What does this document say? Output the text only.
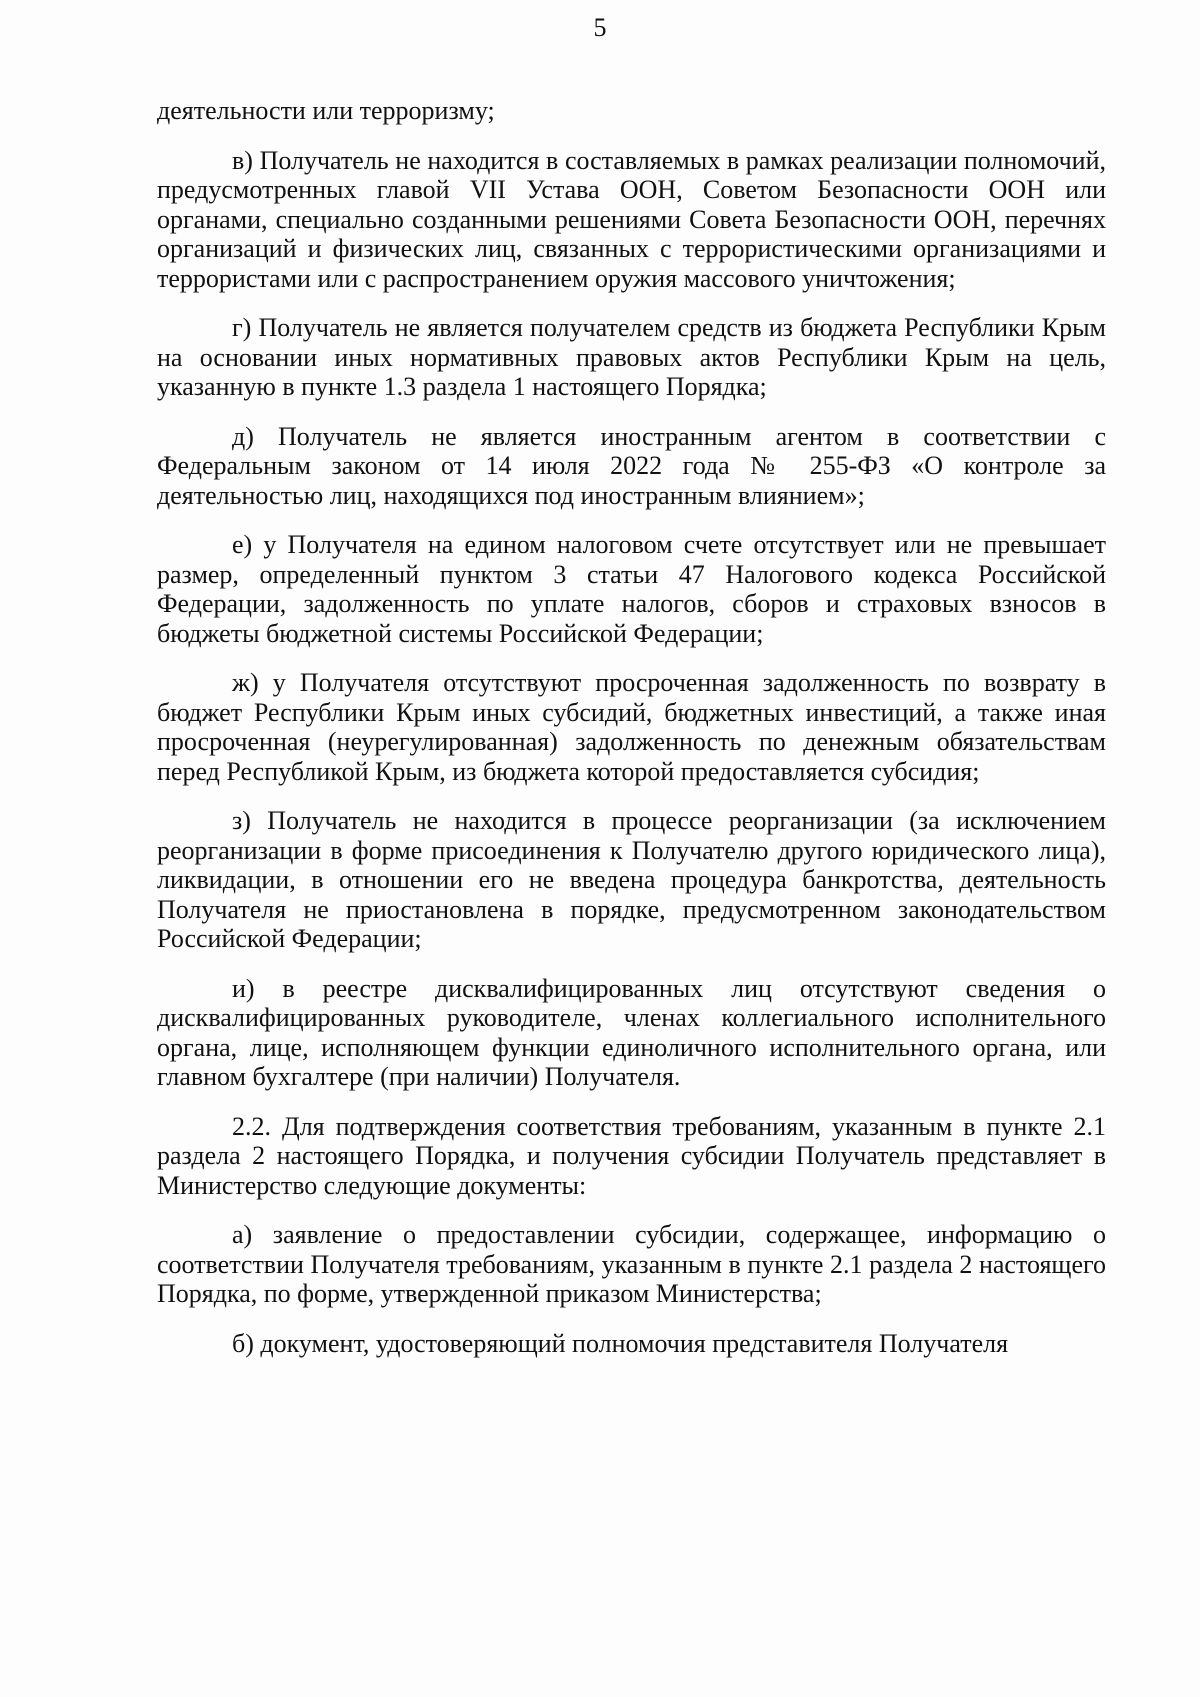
5

деятельности или терроризму;

в) Получатель не находится в составляемых в рамках реализации полномочий, предусмотренных главой VII Устава ООН, Советом Безопасности ООН или органами, специально созданными решениями Совета Безопасности ООН, перечнях организаций и физических лиц, связанных с террористическими организациями и террористами или с распространением оружия массового уничтожения;

г) Получатель не является получателем средств из бюджета Республики Крым на основании иных нормативных правовых актов Республики Крым на цель, указанную в пункте 1.3 раздела 1 настоящего Порядка;

д) Получатель не является иностранным агентом в соответствии с Федеральным законом от 14 июля 2022 года № 255-ФЗ «О контроле за деятельностью лиц, находящихся под иностранным влиянием»;

е) у Получателя на едином налоговом счете отсутствует или не превышает размер, определенный пунктом 3 статьи 47 Налогового кодекса Российской Федерации, задолженность по уплате налогов, сборов и страховых взносов в бюджеты бюджетной системы Российской Федерации;

ж) у Получателя отсутствуют просроченная задолженность по возврату в бюджет Республики Крым иных субсидий, бюджетных инвестиций, а также иная просроченная (неурегулированная) задолженность по денежным обязательствам перед Республикой Крым, из бюджета которой предоставляется субсидия;

з) Получатель не находится в процессе реорганизации (за исключением реорганизации в форме присоединения к Получателю другого юридического лица), ликвидации, в отношении его не введена процедура банкротства, деятельность Получателя не приостановлена в порядке, предусмотренном законодательством Российской Федерации;

и) в реестре дисквалифицированных лиц отсутствуют сведения о дисквалифицированных руководителе, членах коллегиального исполнительного органа, лице, исполняющем функции единоличного исполнительного органа, или главном бухгалтере (при наличии) Получателя.

2.2. Для подтверждения соответствия требованиям, указанным в пункте 2.1 раздела 2 настоящего Порядка, и получения субсидии Получатель представляет в Министерство следующие документы:

а) заявление о предоставлении субсидии, содержащее, информацию о соответствии Получателя требованиям, указанным в пункте 2.1 раздела 2 настоящего Порядка, по форме, утвержденной приказом Министерства;

б) документ, удостоверяющий полномочия представителя Получателя
